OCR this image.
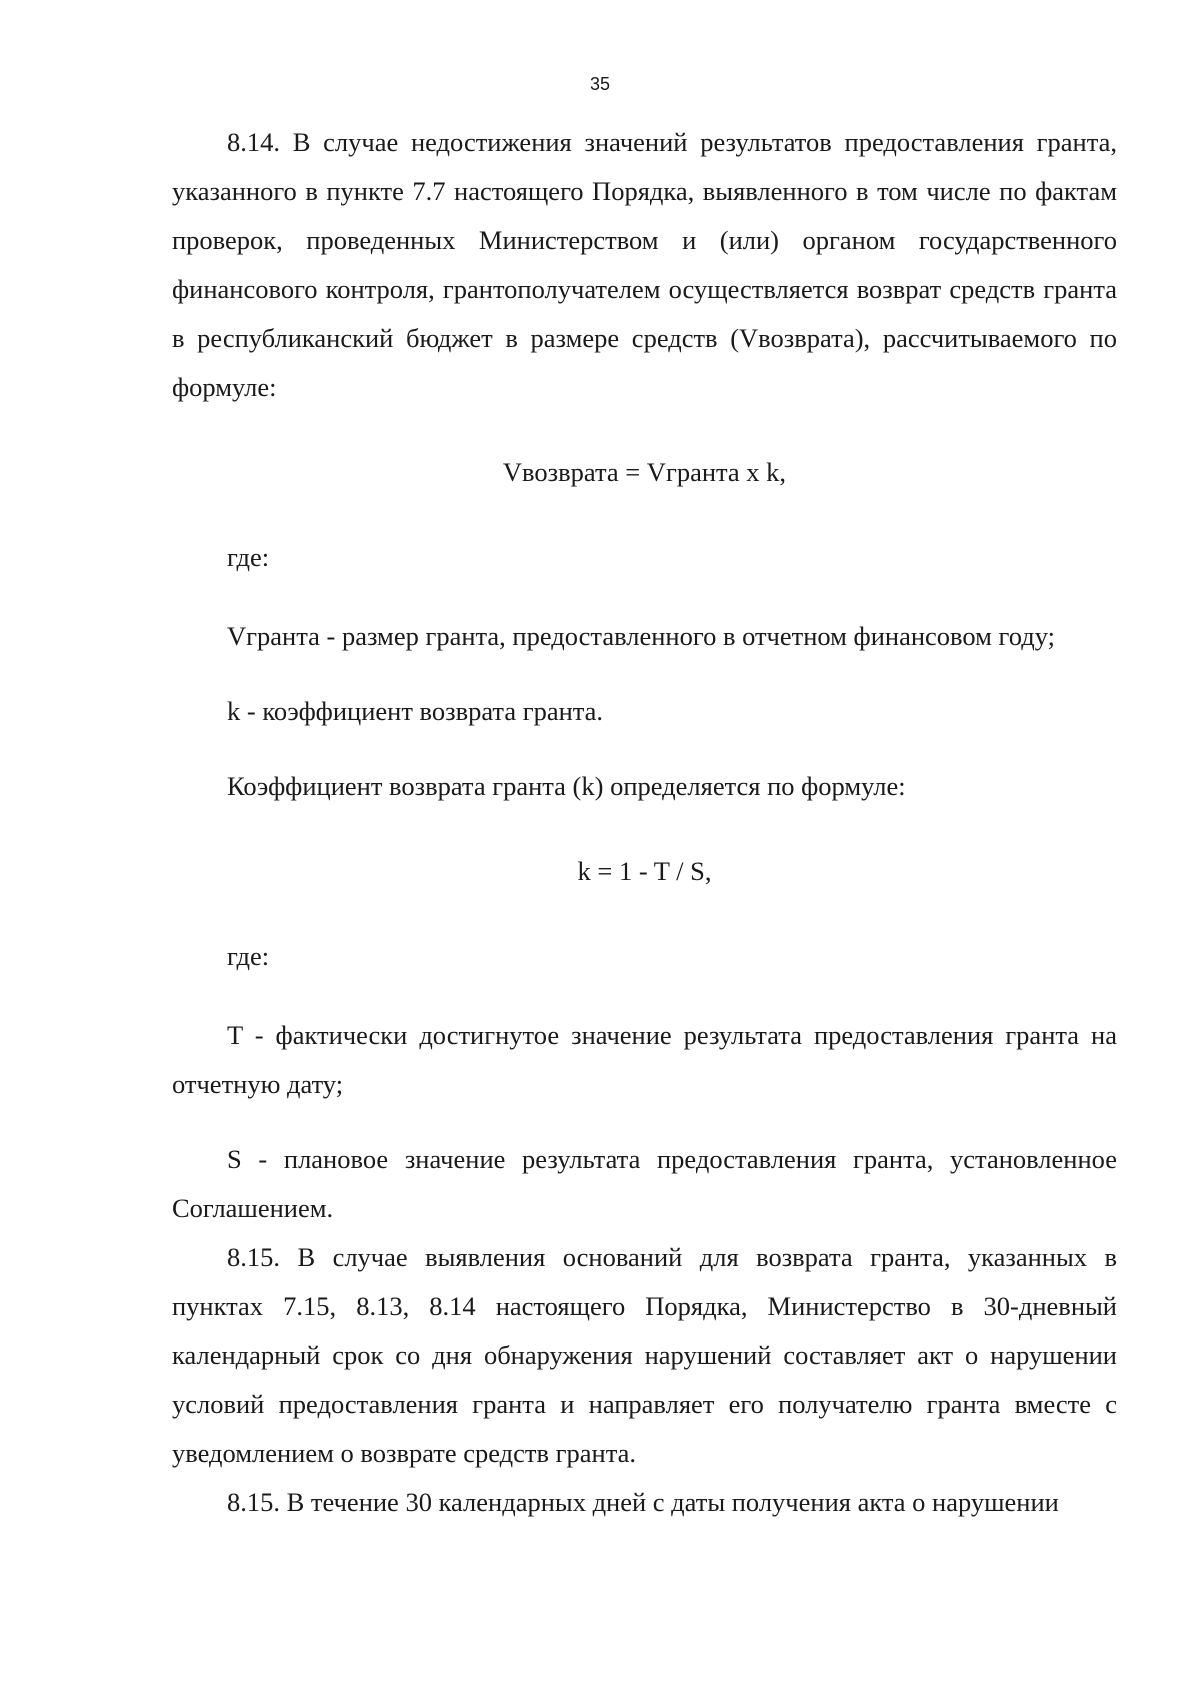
35

8.14. В случае недостижения значений результатов предоставления гранта, указанного в пункте 7.7 настоящего Порядка, выявленного в том числе по фактам проверок, проведенных Министерством и (или) органом государственного финансового контроля, грантополучателем осуществляется возврат средств гранта в республиканский бюджет в размере средств (Vвозврата), рассчитываемого по формуле:

Vвозврата = Vгранта x k,

где:

Vгранта - размер гранта, предоставленного в отчетном финансовом году;

k - коэффициент возврата гранта.

Коэффициент возврата гранта (k) определяется по формуле:

k = 1 - T / S,

где:

T - фактически достигнутое значение результата предоставления гранта на отчетную дату;

S - плановое значение результата предоставления гранта, установленное Соглашением.

8.15. В случае выявления оснований для возврата гранта, указанных в пунктах 7.15, 8.13, 8.14 настоящего Порядка, Министерство в 30-дневный календарный срок со дня обнаружения нарушений составляет акт о нарушении условий предоставления гранта и направляет его получателю гранта вместе с уведомлением о возврате средств гранта.

8.15. В течение 30 календарных дней с даты получения акта о нарушении
